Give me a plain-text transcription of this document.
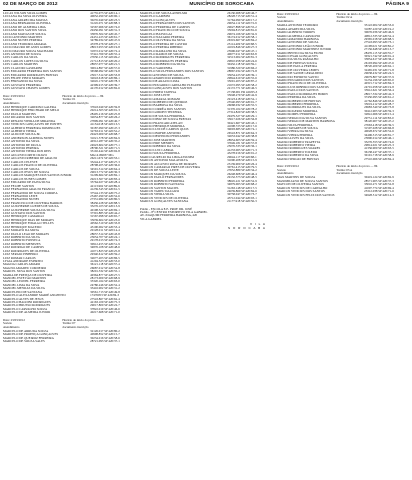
02 DE MARÇO DE 2012	MUNICÍPIO DE SOROCABA	PÁGINA 9
LUCAS WILSON SILVA GOMES	41755.073 SP 420/14-1
LUCIANA DA SILVA OLIVEIRA	40652.290 SP 420/90-1
LUCIANA APARECIDA MATIAS	30235.049 SP 420/23-5
LUCIANA BERNARDO OLIVEIRA	31245.071 SP 420/88-3
LUCIANO DE ALMEIDA LIMA	32567.966 SP 420/74-0
LUCIANO DOS SANTOS SILVA	29456.091 SP 420/31-3
LUCIANO MATIAS DE SOUZA	33876.504 SP 420/45-7
LUCIO ANTONIO MARTINS	24431.223 SP 420/61-7
LUCIANO NUNES PEREIRA	34789.034 SP 420/47-9
LUCIANO TEODORO AMARAL	43378.276 SP 420/27-1
LUCIO MAURO DE ASSIS GOMES	28013.953 SP 420/19-8
LUCIO MAURO SOUZA MACHADO	31872.012 SP 420/72-4
LUIS ANTONIO DE SOUZA	37441.769 SP 420/55-4
LUIS CARLOS DA SILVA	27650.115 SP 420/49-2
LUIS CARLOS LOPES DA SILVA	21712.813 SP 420/20-2
LUIS CARLOS MARTINS	28957.077 SP 420/21-5
LUIS CLAUDIO GASPARINI	30014.897 SP 420/57-6
LUIS EDUARDO FERREIRA DOS SANTOS	36568.092 SP 420/74-8
LUIS EDUARDO RODRIGUES FREITAS	25017.314 SP 420/53-8
LUIS FELIPE PINTO MORAES	32043.618 SP 420/86-1
LUIS FERNANDO DA SILVA	32645.170 SP 420/78-3
LUIS GUSTAVO FERREIRA	42399.915 SP 420/39-7
LUIS GUSTAVO CHAVES GOMES	42170.012 SP 420/82-6
Data: 23/03/2012	Horário de início da prova — 8h
Sorteio	Turma: 01
Atendimento	documento inscrição
LUIZ HENRIQUE CARDOSO GALERA	37643.049 SP 420/59-8
LUIZ HENRIQUE FERCHIARI DE MELO	20214.503 SP 420/91-3
LUIZ PAULO MARTINS	28405.216 SP 420/25-8
LUIZ RICARDO DOS SANTOS	32654.877 SP 420/26-2
LUIZ RENATO VIEIRA DE MIRANDA	27899.091 SP 420/40-7
LUIZ VINICIUS GONÇALVES DE PONTES	41134.018 SP 420/13-5
LUIZ ALBERTO FERREIRA DOMINGUES	30187.090 SP 420/47-3
LUIZ ALBERTO VIEIRA	32763.011 SP 420/52-2
LUIZ ALDO DE SOUZA JR.	29423.009 SP 420/68-7
LUIZ ANDERSON ALMEIDA NUNES	31021.578 SP 420/84-9
LUIZ ANTONIO DA SILVA	40312.287 SP 420/35-2
LUIZ ANTONIO DE PAULA	24923.604 SP 420/77-1
LUIZ ANTONIO PEREIRA	28790.321 SP 420/71-5
LUIZ ANTONIO VIEIRA DOS REIS	33102.444 SP 420/92-8
LUIZ AUGUSTO ORTIZ CRAVO	MG14169937 MG
LUIZ AUGUSTO RIBEIRO DE ARAUJO	26211.672 SP 420/33-1
LUIZ CARLOS CELESTE	33244.417 SP 420/27-3
LUIZ CARLOS FRANCO DE OLIVEIRA	28798.205 SP 420/36-6
LUIZ CARLOS DE SOUZA	34591.314 SP 420/64-4
LUIZ CARLOS JESUS DE SOUZA	29013.772 SP 420/30-3
LUIZ CARLOS MARQUES DOS SANTOS JUNIOR	31209.664 SP 420/82-1
LUIZ CARLOS NUNES GOMES	29213.567 SP 420/83-4
LUIZ EDUARDO DE PAIVA SILVA	35764.027 SP 420/28-4
LUIZ FELIPE SANTOS	42113.962 SP 420/89-9
LUIZ FERNANDO ARAUJO FRANCO	41239.545 SP 420/61-5
LUIZ FERNANDO DE SOUZA CORREA	37544.133 SP 420/75-2
LUIZ FERNANDO LEITE	25467.290 SP 420/52-6
LUIZ FERNANDO NUNES	27331.984 SP 420/80-5
LUIZ FRANCISCO DE OLIVEIRA BARROS	38456.228 SP 420/88-5
LUIZ GUILHERME GUEDES DE SOUZA	33276.103 SP 420/13-9
LUIZ GUILHERME SOUZA DA SILVA	40198.522 SP 420/69-1
LUIZ GUSTAVO DOS SANTOS	37301.885 SP 420/44-2
LUIZ HENRIQUE CAMARGO	31567.098 SP 420/65-7
LUIZ HENRIQUE DIAS DE MORAES	35039.604 SP 420/23-6
LUIZ HENRIQUE FIDALGO TELLES	40562.310 SP 420/33-8
LUIZ HENRIQUE MACEDO	43100.062 SP 420/53-4
LUIZ MORATO DA MOTA	20128.011 SP 420/14-4
LUIZ PAULO LEAO DE MORAES	28657.314 SP 420/43-8
LUIZ ROBERTO DA SILVA	23654.707 SP 420/24-1
LUIZ ROBERTO FONSECA	29178.013 SP 420/74-3
LUIZ ROBERTO MENEZES	30912.455 SP 420/51-9
LUIZ RODRIGO DE CAMPOS	34876.108 SP 420/48-6
LUIZ RODRIGUES DE OLIVEIRA	41071.823 SP 420/25-8
LUIZ SERGIO PINHEIRO	29340.612 SP 420/59-2
LUIZ ROMAR CARLOS	32677.203 SP 420/86-5
LYGIA ANDRADE ESPIRITO	41294.523 SP 420/53-0
MAGDA CARLOS AMARO	36121.118 SP 420/37-4
MAGNO AMADEU CORDEIRO	26687.012 SP 420/54-8
MARCEL SILVA DOS SANTOS	38201.332 SP 420/55-1
MAIRA DE FREITAS DE OLIVEIRA	40364.877 SP 420/27-5
MANOEL ESTEVÃO MARTINS	28173.009 SP 420/68-9
MANOEL LEONEL FERREIRA	35320.164 SP 420/63-0
MANOEL LIMA DA SILVA	24780.246 SP 420/52-4
MANOEL MESSIAS DA SILVA	33416.902 SP 420/31-2
MARCELINO DE SANTANA	30561.713 SP 420/49-8
MARCELO ALEXANDRE MARIÉ ANGPINTO	17476053 SP 420/84-3
MARCELO ALVES DE JESUS	27543.867 SP 420/62-4
MARCELO BALDINI RODRIGUES	42163.109 SP 420/75-3
MARCELO BRUSSO RODRIGUES	29017.800 SP 420/22-7
MARCELO CARVALHO SOUZA	37822.019 SP 420/46-6
MARCELO DE ALMEIDA JUNIOR	40217.668 SP 420/71-0
Data: 23/03/2012	Horário de início da prova — 8h
Sorteio	Turma: 07
Atendimento	documento inscrição
MARCELO DE ARRUDA SOUZA	32126.017 SP 420/80-2
MARCELO DE PROENÇA GONÇALVES	40998.852 SP 420/15-7
MARCELO DE QUEIROZ FERREIRA	30234.016 SP 420/58-6
MARCELO DE SOUZA SALES	28721.093 SP 420/37-1
MARCELO DE SOUZA ANSELMO	26130.068 SP 420/46-7
MARCELO GAMBINI	28228.715 SP 420/51-4
MARCELO GONÇALVES	31764.090 SP 420/17-2
MARCELO FERNANDES DOS SANTOS	29654.112 SP 420/72-9
MARCELO FERREIRA DE CAMPOS	29627.898 SP 420/55-2
MARCELO FRANCISCO DE SOUZA	35004.813 SP 420/81-6
MARCELO HATSUGAI	29674.166 SP 420/32-9
MARCELO NAZARIO PEREIRA	36174.012 SP 420/58-1
MARCELO OLIVEIRA DA SILVA	26319.667 SP 420/84-2
MARCELO PEREIRA DE CASTRO	23114.409 SP 420/68-5
MARCELO PEREIRA RIBEIRO	41019.846 SP 420/27-3
MARCELO RAMALHO DA SILVA	25996.047 SP 420/47-1
MARCELO RAMOS DE SOUZA	40677.911 SP 420/63-8
MARCELO RODRIGUES FERREIRA	32513.004 SP 420/81-3
MARCELO RODRIGUES PEREIRA	29810.958 SP 420/24-6
MARCELO ROBERTO DA SILVA	30432.118 SP 420/59-1
MARCELO SARDINHA	31986.320 SP 420/66-2
MARCELO SILVA FERNANDES DOS SANTOS	28867.034 SP 420/72-8
MARCIO ANTONIO DE SOUZA	33654.223 SP 420/39-1
MARCIO APARECIDO RODRIGUES	29844.610 SP 420/55-6
MARCIO DE ARAUJO LIMA	35091.203 SP 420/87-2
MARCIO EDUARDO CARVALHO PLEGUER	21672.095 SP 420/58-2
MARCIO GONÇALVES DOS SANTOS	22172.771 SP 420/46-5
MARCIO HIDEO TATEISA	27138.001 PR 420/65-3
MARCIO JOSE LEITE	35048.279 SP 420/42-9
MARCIO AMARAL ROMANI	29123.418 SP 420/52-1
MARCIO ROBERTO DE QUEIROZ	23540.093 SP 420/91-7
MARCIO BARBOSA DA SILVA	26068.032 SP 420/55-5
MARCIO CORRÊA DOS SANTOS	31376.104 SP 420/78-2
MARCIO GODOEN TEIXEIRA	27314.820 SP 420/38-5
MARCIO DE SOUZA FERREIRA	29479.527 SP 420/29-1
MARCIO DINIZ DE SOUZA FREITAS	33617.026 SP 420/56-8
MARCIO FRANCARCATELAN	30421.667 SP 420/43-1
MARCIO HENRIQUE MOREIRA	41008.723 SP 420/17-6
MARCIO LUIZ DE CAMPOS QUOS	39003.685 SP 420/74-1
MARCIO ONOFRE ANTONIO	26543.871 SP 420/64-3
MARCIO DESPINOSO FERNANDES	32653.042 SP 420/38-8
MARCIO JOSE MARTINS	28954.603 SP 420/59-4
MARCIO PIRE MENDES	37649.181 SP 420/57-8
MARCIO RIBEIRO DA SILVA	25076.333 SP 420/36-1
MARCIO LUIZ CABRAL	41233.065 SP 420/71-3
MARCIO SOUZA FERREIRA	43278.916 SP 420/91-2
MARCO AURELIO DA LIMA ASSUMM	29644.117 SP 420/68-1
MARCOS ANTONIO MALAVOLTA	31090.208 SP 420/15-9
MARCOS AUGUSTO ROSA DE MORAES	23139.900 SP 420/26-4
MARCOS CAMARGO PIRES DE OLIVEIRA	30761.415 SP 420/79-5
MARCOS DE SOUZA LEITE	27652.880 SP 420/34-2
MARCOS MARQUES DA SOUZA	26248.608 SP 420/46-4
MARCOS PAULO FERNANDES	29132.573 SP 420/48-5
MARCOS ROBERTO FERREIRA	38645.221 SP 420/52-9
MARCOS ROBERTO SANTANA	34879.063 SP 420/68-2
MARCOS SANTOS MACIEL	31263.148 SP 420/17-5
MARCOS TADEU DALGIZO	24039.869 SP 420/84-6
MARCOS VIEIRA SILVA	30758.047 SP 420/73-7
MARCOS VINICIUS DE OLIVEIRA	43712.044 SP 420/93-1
MARCUS GONÇALVES SANTANA	21177.918 SP 420/56-3
Prédio - ESCOLA E.E. PROF. DR. JOSÉ
Padrão - 8ª CENTRO ESPORTIVO VILA GABRIEL
AV. JOAQUIM FERREIRA BARBOSA, 420
VILA GABRIEL
V I L A
S O R O C A B A
Data: 23/03/2012	Horário de início da prova — 8h
Sorteio	Turma: 02 A
Atendimento	documento inscrição
MARIA ANTONIO TEODORO	33122.904 SP 420/53-6
MARIA APARECIDA SILVA	31087.220 SP 420/19-2
MARIO ALBERTO TORRES	30676.036 SP 420/46-9
MARIO ALMEIDA CARVALHO	40812.335 SP 420/52-4
MARIO AMANDIO BARBOSA	29365.018 SP 420/68-5
MARIO ANTONIO DE SOUZA	27543.093 SP 420/73-1
MARIO ANTONIO LEÃO JUNIOR	41108.021 SP 420/82-2
MARIO ANTONIO MARTINEZ JUNIOR	27156.648 SP 420/13-7
MARIO BENTO DA SILVA FILHO	28476.115 SP 420/55-7
MARIO CESAR GONÇALVES	30321.742 SP 420/91-4
MARIO DA SILVA RAMALHO	33854.617 SP 420/36-2
MARIO DE FREITAS SOUZA	26103.994 SP 420/47-6
MARIO DE PAULA PEREIRA	38720.209 SP 420/62-1
MARIO DE OLIVEIRA LEMES	32465.031 SP 420/71-8
MARIO DE SANDE GERALDINO	29638.432 SP 420/24-5
MARIO DO ESPIRITO SANTO	29679.807 SP 420/37-9
MARIO EDUARDO DOS SANTOS	31234.196 SP 420/65-0
MARIO FRANCISCO DE OLIVEIRA	40315.712 SP 420/84-3
MARIO LUIZ RIBEIRO DOS SANTOS	24701.058 SP 420/19-8
MARIO PAULO DOS SANTOS	33912.621 SP 420/56-4
MARIO PAULO RODRIGUES BORIN	28017.334 SP 420/42-3
MARIO PEREIRA DA SILVA	37450.095 SP 420/61-2
MARIO ROBERTO DE FREITAS	41762.846 SP 420/93-6
MARIO ROBERTO FERREIRA	35019.212 SP 420/28-7
MARIO RODRIGUES DA SILVA	26983.540 SP 420/73-8
MARIO ROGERIO MOREIRA	30412.903 SP 420/59-3
MARIO ROMEU FERREIRA	32841.066 SP 420/15-4
MARIO SERGIO DA SILVA SANTOS	29751.114 SP 420/83-0
MARIO SERGIO DE MARTINS BARBOSA	38120.907 SP 420/47-2
MARIO SILVA FERREIRA	27663.418 SP 420/39-5
MARIO TAVARES DE SOUZA	31597.028 SP 420/66-8
MARIO VIEIRA DA SILVA	40028.672 SP 420/52-6
MARIO VIEIRA PEREIRA	34406.315 SP 420/81-7
MAURO ALVES DA SILVA	25890.014 SP 420/46-1
MAURO ROBERTO TRAPETTA	33276.553 SP 420/74-6
MAURO ROBERTO VIEIRA	29814.021 SP 420/25-3
MAURO RODRIGUES SOARES	41356.900 SP 420/63-5
MAURO ROBERTO TOLEDO	36138.247 SP 420/37-1
MAURO ROBERTO DA SILVA	30191.718 SP 420/58-9
MAURO SERGIO DE FREITAS	27510.066 SP 420/84-4
Data: 23/03/2012	Horário de início da prova — 8h
Sorteio	Turma: 03 A
Atendimento	documento inscrição
MAX MARTINS DE SOUZA	30419.124 SP 420/82-9
MAXIMILIANO DE SOUZA SANTOS	28571.905 SP 420/37-3
MAYCON DE OLIVEIRA SANTOS	33016.271 SP 420/52-8
MARCOS VINICIUS DE CARVALHO	41007.774 SP 420/69-4
MARCOS VINICIUS DOS SANTOS	25312.038 SP 420/71-6
MARCOS VINICIUS FELIX DOS SANTOS	34928.512 SP 420/14-3
